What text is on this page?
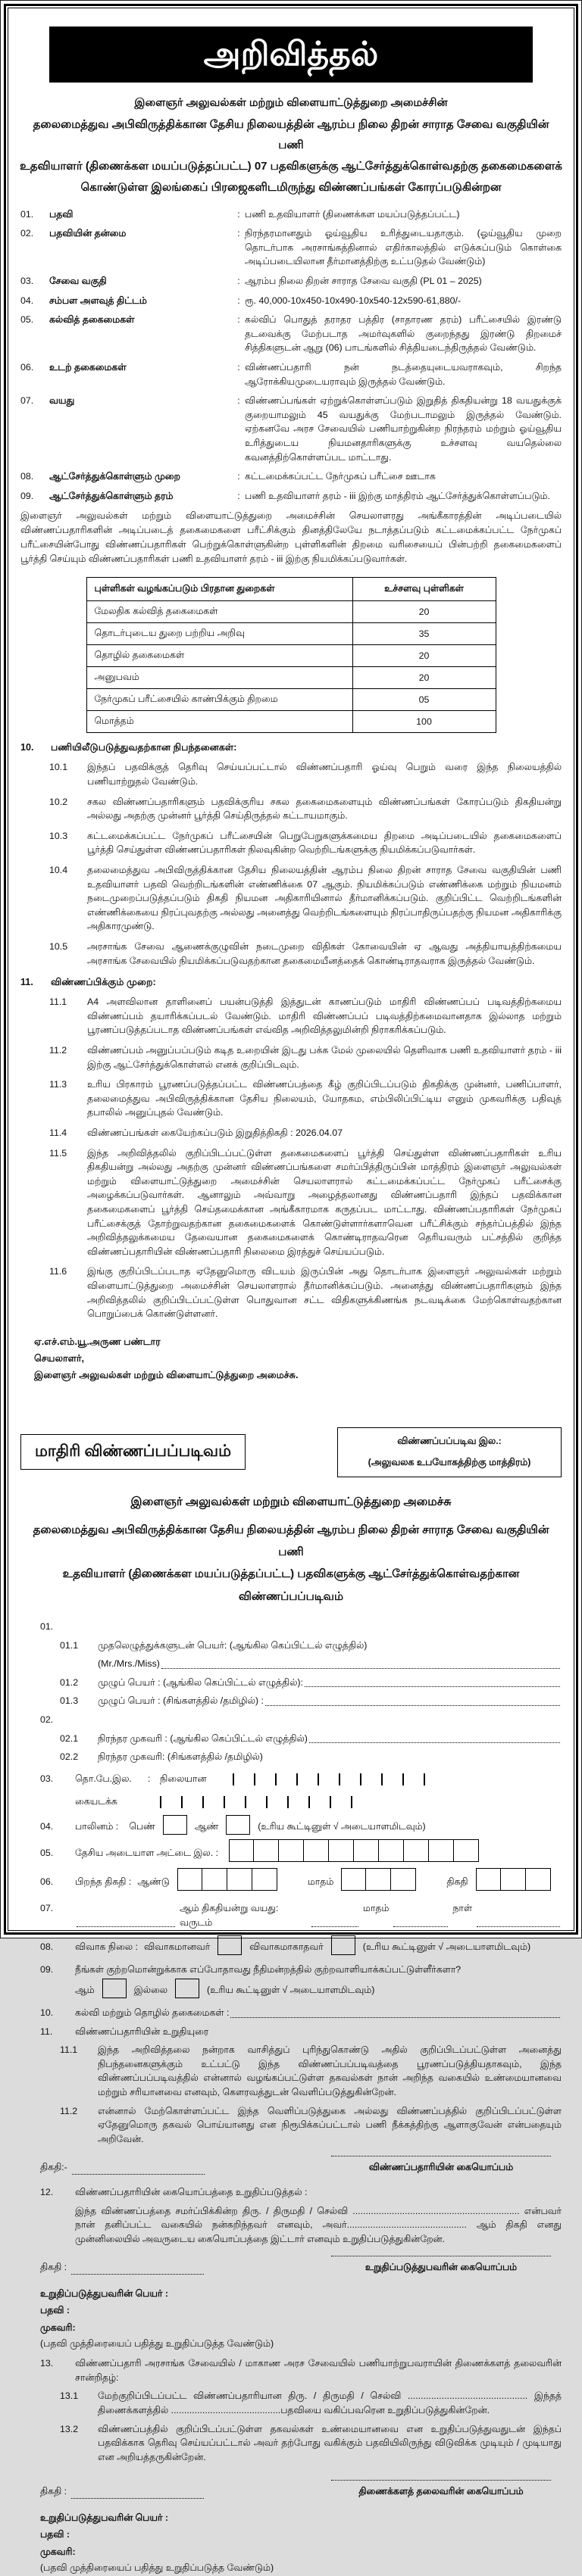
அறிவித்தல்
இளைஞர் அலுவல்கள் மற்றும் விளையாட்டுத்துறை அமைச்சின்
தலைமைத்துவ அபிவிருத்திக்கான தேசிய நிலையத்தின் ஆரம்ப நிலை திறன் சாராத சேவை வகுதியின் பணி
உதவியாளர் (திணைக்கள மயப்படுத்தப்பட்ட) 07 பதவிகளுக்கு ஆட்சேர்த்துக்கொள்வதற்கு தகைமைகளைக்
கொண்டுள்ள இலங்கைப் பிரஜைகளிடமிருந்து விண்ணப்பங்கள் கோரப்படுகின்றன
01.	பதவி	: பணி உதவியாளர் (திணைக்கள மயப்படுத்தப்பட்ட)
02.	பதவியின் தன்மை	: நிரந்தரமானதும் ஓய்வூதிய உரித்துடையதாகும். (ஓய்வூதிய முறை தொடர்பாக அரசாங்கத்தினால் எதிர்காலத்தில் எடுக்கப்படும் கொள்கை அடிப்படையிலான தீர்மானத்திற்கு உட்படுதல் வேண்டும்)
03.	சேவை வகுதி	: ஆரம்ப நிலை திறன் சாராத சேவை வகுதி (PL 01 – 2025)
04.	சம்பள அளவுத் திட்டம்	: ரூ. 40,000-10x450-10x490-10x540-12x590-61,880/-
05.	கல்வித் தகைமைகள்	: கல்விப் பொதுத் தராதர பத்திர (சாதாரண தரம்) பரீட்சையில் இரண்டு தடவைக்கு மேற்படாத அமர்வுகளில் குறைந்தது இரண்டு திறமைச் சித்திகளுடன் ஆறு (06) பாடங்களில் சித்தியடைந்திருத்தல் வேண்டும்.
06.	உடற் தகைமைகள்	: விண்ணப்பதாரி நன் நடத்தையுடையவராகவும், சிறந்த ஆரோக்கியமுடையராவும் இருத்தல் வேண்டும்.
07.	வயது	: விண்ணப்பங்கள் ஏற்றுக்கொள்ளப்படும் இறுதித் திகதியன்று 18 வயதுக்குக் குறையாமலும் 45 வயதுக்கு மேற்படாமலும் இருத்தல் வேண்டும். ஏற்கனவே அரச சேவையில் பணியாற்றுகின்ற நிரந்தரம் மற்றும் ஓய்வூதிய உரித்துடைய நியமனதாரிகளுக்கு உச்சளவு வயதெல்லை கவனத்திற்கொள்ளப்பட மாட்டாது.
08.	ஆட்சேர்த்துக்கொள்ளும் முறை	: கட்டமைக்கப்பட்ட நேர்முகப் பரீட்சை ஊடாக
09.	ஆட்சேர்த்துக்கொள்ளும் தரம்	: பணி உதவியாளர் தரம் - iii இற்கு மாத்திரம் ஆட்சேர்த்துக்கொள்ளப்படும்.
இளைஞர் அலுவல்கள் மற்றும் விளையாட்டுத்துறை அமைச்சின் செயலாளரது அங்கீகாரத்தின் அடிப்படையில் விண்ணப்பதாரிகளின் அடிப்படைத் தகைமைகளை பரீட்சிக்கும் தினத்திலேயே நடாத்தப்படும் கட்டமைக்கப்பட்ட நேர்முகப் பரீட்சையின்போது விண்ணப்பதாரிகள் பெற்றுக்கொள்ளுகின்ற புள்ளிகளின் திறமை வரிசையைப் பின்பற்றி தகைமைகளைப் பூர்த்தி செய்யும் விண்ணப்பதாரிகள் பணி உதவியாளர் தரம் - iii இற்கு நியமிக்கப்படுவார்கள்.
புள்ளிகள் வழங்கப்படும் பிரதான துறைகள்	உச்சளவு புள்ளிகள்
மேலதிக கல்வித் தகைமைகள்	20
தொடர்புடைய துறை பற்றிய அறிவு	35
தொழில் தகைமைகள்	20
அனுபவம்	20
நேர்முகப் பரீட்சையில் காண்பிக்கும் திறமை	05
மொத்தம்	100
10.	பணியிலீடுபடுத்துவதற்கான நிபந்தனைகள்:
10.1	இந்தப் பதவிக்குத் தெரிவு செய்யப்பட்டால் விண்ணப்பதாரி ஓய்வு பெறும் வரை இந்த நிலையத்தில் பணியாற்றுதல் வேண்டும்.
10.2	சகல விண்ணப்பதாரிகளும் பதவிக்குரிய சகல தகைமைகளையும் விண்ணப்பங்கள் கோரப்படும் திகதியன்று அல்லது அதற்கு முன்னர் பூர்த்தி செய்திருத்தல் கட்டாயமாகும்.
10.3	கட்டமைக்கப்பட்ட நேர்முகப் பரீட்சையின் பெறுபேறுகளுக்கமைய திறமை அடிப்படையில் தகைமைகளைப் பூர்த்தி செய்துள்ள விண்ணப்பதாரிகள் நிலவுகின்ற வெற்றிடங்களுக்கு நியமிக்கப்படுவார்கள்.
10.4	தலைமைத்துவ அபிவிருத்திக்கான தேசிய நிலையத்தின் ஆரம்ப நிலை திறன் சாராத சேவை வகுதியின் பணி உதவியாளர் பதவி வெற்றிடங்களின் எண்ணிக்கை 07 ஆகும். நியமிக்கப்படும் எண்ணிக்கை மற்றும் நியமனம் நடைமுறைப்படுத்தப்படும் திகதி நியமன அதிகாரியினால் தீர்மானிக்கப்படும். குறிப்பிட்ட வெற்றிடங்களின் எண்ணிக்கையை நிரப்புவதற்கு அல்லது அனைத்து வெற்றிடங்களையும் நிரப்பாதிருப்பதற்கு நியமன அதிகாரிக்கு அதிகாரமுண்டு.
10.5	அரசாங்க சேவை ஆணைக்குழுவின் நடைமுறை விதிகள் கோவையின் ஏ ஆவது அத்தியாயத்திற்கமைய அரசாங்க சேவையில் நியமிக்கப்படுவதற்கான தகைமையீனத்தைக் கொண்டிராதவராக இருத்தல் வேண்டும்.
11.	விண்ணப்பிக்கும் முறை:
11.1	A4 அளவிலான தாளினைப் பயன்படுத்தி இத்துடன் காணப்படும் மாதிரி விண்ணப்பப் படிவத்திற்கமைய விண்ணப்பம் தயாரிக்கப்படல் வேண்டும். மாதிரி விண்ணப்பப் படிவத்திற்கமைவானதாக இல்லாத மற்றும் பூரணப்படுத்தப்படாத விண்ணப்பங்கள் எவ்வித அறிவித்தலுமின்றி நிராகரிக்கப்படும்.
11.2	விண்ணப்பம் அனுப்பப்படும் கடித உறையின் இடது பக்க மேல் முலையில் தெளிவாக பணி உதவியாளர் தரம் - iii இற்கு ஆட்சேர்த்துக்கொள்ளல் எனக் குறிப்பிடவும்.
11.3	உரிய பிரகாரம் பூரணப்படுத்தப்பட்ட விண்ணப்பத்தை கீழ் குறிப்பிடப்படும் திகதிக்கு முன்னர், பணிப்பாளர், தலைமைத்துவ அபிவிருத்திக்கான தேசிய நிலையம், யோதகம, எம்பிலிப்பிட்டிய எனும் முகவரிக்கு பதிவுத் தபாலில் அனுப்புதல் வேண்டும்.
11.4	விண்ணப்பங்கள் கையேற்கப்படும் இறுதித்திகதி : 2026.04.07
11.5	இந்த அறிவித்தலில் குறிப்பிடப்பட்டுள்ள தகைமைகளைப் பூர்த்தி செய்துள்ள விண்ணப்பதாரிகள் உரிய திகதியன்று அல்லது அதற்கு முன்னர் விண்ணப்பங்களை சமர்ப்பித்திருப்பின் மாத்திரம் இளைஞர் அலுவல்கள் மற்றும் விளையாட்டுத்துறை அமைச்சின் செயலாளரால் கட்டமைக்கப்பட்ட நேர்முகப் பரீட்சைக்கு அழைக்கப்படுவார்கள். ஆனாலும் அவ்வாறு அழைத்தலானது விண்ணப்பதாரி இந்தப் பதவிக்கான தகைமைகளைப் பூர்த்தி செய்தமைக்கான அங்கீகாரமாக கருதப்பட மாட்டாது. விண்ணப்பதாரிகள் நேர்முகப் பரீட்சைக்குத் தோற்றுவதற்கான தகைமைகளைக் கொண்டுள்ளார்களாவென பரீட்சிக்கும் சந்தர்ப்பத்தில் இந்த அறிவித்தலுக்கமைய தேவையான தகைமைகளைக் கொண்டிராதவரென தெரியவரும் பட்சத்தில் குறித்த விண்ணப்பதாரியின் விண்ணப்பதாரி நிலைமை இரத்துச் செய்யப்படும்.
11.6	இங்கு குறிப்பிடப்படாத ஏதேனுமொரு விடயம் இருப்பின் அது தொடர்பாக இளைஞர் அலுவல்கள் மற்றும் விளையாட்டுத்துறை அமைச்சின் செயலாளரால் தீர்மானிக்கப்படும். அனைத்து விண்ணப்பதாரிகளும் இந்த அறிவித்தலில் குறிப்பிடப்பட்டுள்ள பொதுவான சட்ட விதிகளுக்கிணங்க நடவடிக்கை மேற்கொள்வதற்கான பொறுப்பைக் கொண்டுள்ளனர்.
ஏ.எச்.எம்.யூ.அருண பண்டார
செயலாளர்,
இளைஞர் அலுவல்கள் மற்றும் விளையாட்டுத்துறை அமைச்சு.
மாதிரி விண்ணப்பப்படிவம்
விண்ணப்பப்படிவ இல.:
(அலுவலக உபயோகத்திற்கு மாத்திரம்)
இளைஞர் அலுவல்கள் மற்றும் விளையாட்டுத்துறை அமைச்சு
தலைமைத்துவ அபிவிருத்திக்கான தேசிய நிலையத்தின் ஆரம்ப நிலை திறன் சாராத சேவை வகுதியின் பணி
உதவியாளர் (திணைக்கள மயப்படுத்தப்பட்ட) பதவிகளுக்கு ஆட்சேர்த்துக்கொள்வதற்கான
விண்ணப்பப்படிவம்
01.
01.1	முதலெழுத்துக்களுடன் பெயர்: (ஆங்கில கெப்பிட்டல் எழுத்தில்)
(Mr./Mrs./Miss)
01.2	முழுப் பெயர் : (ஆங்கில கெப்பிட்டல் எழுத்தில்):
01.3	முழுப் பெயர் : (சிங்களத்தில் /தமிழில்) :
02.
02.1	நிரந்தர முகவரி : (ஆங்கில கெப்பிட்டல் எழுத்தில்)
02.2	நிரந்தர முகவரி: (சிங்களத்தில் /தமிழில்)
03.	தொ.பே.இல.	:	நிலையான
கையடக்க
04.	பாலினம் : பெண்	ஆண்	(உரிய கூட்டினுள் √ அடையாளமிடவும்)
05.	தேசிய அடையாள அட்டை இல. :
06.	பிறந்த திகதி : ஆண்டு	மாதம்	திகதி
07.	ஆம் திகதியன்று வயது: வருடம்
மாதம்	நாள்
08.	விவாக நிலை : விவாகமானவர்	விவாகமாகாதவர்	(உரிய கூட்டினுள் √ அடையாளமிடவும்)
09.	நீங்கள் குற்றமொன்றுக்காக எப்போதாவது நீதிமன்றத்தில் குற்றவாளியாக்கப்பட்டுள்ளீர்களா?
ஆம்	இல்லை	(உரிய கூட்டினுள் √ அடையாளமிடவும்)
10.	கல்வி மற்றும் தொழில் தகைமைகள் :
11.	விண்ணப்பதாரியின் உறுதியுரை
11.1	இந்த அறிவித்தலை நன்றாக வாசித்துப் புரிந்துகொண்டு அதில் குறிப்பிடப்பட்டுள்ள அனைத்து நிபந்தனைகளுக்கும் உட்பட்டு இந்த விண்ணப்பப்படிவத்தை பூரணப்படுத்தியதாகவும், இந்த விண்ணப்பப்படிவத்தில் என்னால் வழங்கப்பட்டுள்ள தகவல்கள் நான் அறிந்த வகையில் உண்மையானவை மற்றும் சரியானவை எனவும், கௌரவத்துடன் வெளிப்படுத்துகின்றேன்.
11.2	என்னால் மேற்கொள்ளப்பட்ட இந்த வெளிப்படுத்துகை அல்லது விண்ணப்பத்தில் குறிப்பிடப்பட்டுள்ள ஏதேனுமொரு தகவல் பொய்யானது என நிரூபிக்கப்பட்டால் பணி நீக்கத்திற்கு ஆளாகுவேன் என்பதையும் அறிவேன்.
திகதி:-	விண்ணப்பதாரியின் கையொப்பம்
12.	விண்ணப்பதாரியின் கையொப்பத்தை உறுதிப்படுத்தல் :
இந்த விண்ணப்பத்தை சமர்ப்பிக்கின்ற திரு. / திருமதி / செல்வி ................................................................ என்பவர் நான் தனிப்பட்ட வகையில் நன்கறிந்தவர் எனவும், அவர்.............................................. ஆம் திகதி எனது முன்னிலையில் அவருடைய கையொப்பத்தை இட்டார் எனவும் உறுதிப்படுத்துகின்றேன்.
திகதி :	உறுதிப்படுத்துபவரின் கையொப்பம்
உறுதிப்படுத்துபவரின் பெயர் :
பதவி :
முகவரி:
(பதவி முத்திரையைப் பதித்து உறுதிப்படுத்த வேண்டும்)
13.	விண்ணப்பதாரி அரசாங்க சேவையில் / மாகாண அரச சேவையில் பணியாற்றுபவராயின் திணைக்களத் தலைவரின் சான்றிதழ்:
13.1	மேற்குறிப்பிடப்பட்ட விண்ணப்பதாரியான திரு. / திருமதி / செல்வி .............................................. இந்தத் திணைக்களத்தில் ..........................................பதவியை வகிப்பவரென உறுதிப்படுத்துகின்றேன்.
13.2	விண்ணப்பத்தில் குறிப்பிடப்பட்டுள்ள தகவல்கள் உண்மையானவை என உறுதிப்படுத்துவதுடன் இந்தப் பதவிக்காக தெரிவு செய்யப்பட்டால் அவர் தற்போது வகிக்கும் பதவியிலிருந்து விடுவிக்க முடியும் / முடியாது என அறியத்தருகின்றேன்.
திகதி :	திணைக்களத் தலைவரின் கையொப்பம்
உறுதிப்படுத்துபவரின் பெயர் :
பதவி :
முகவரி:
(பதவி முத்திரையைப் பதித்து உறுதிப்படுத்த வேண்டும்)
